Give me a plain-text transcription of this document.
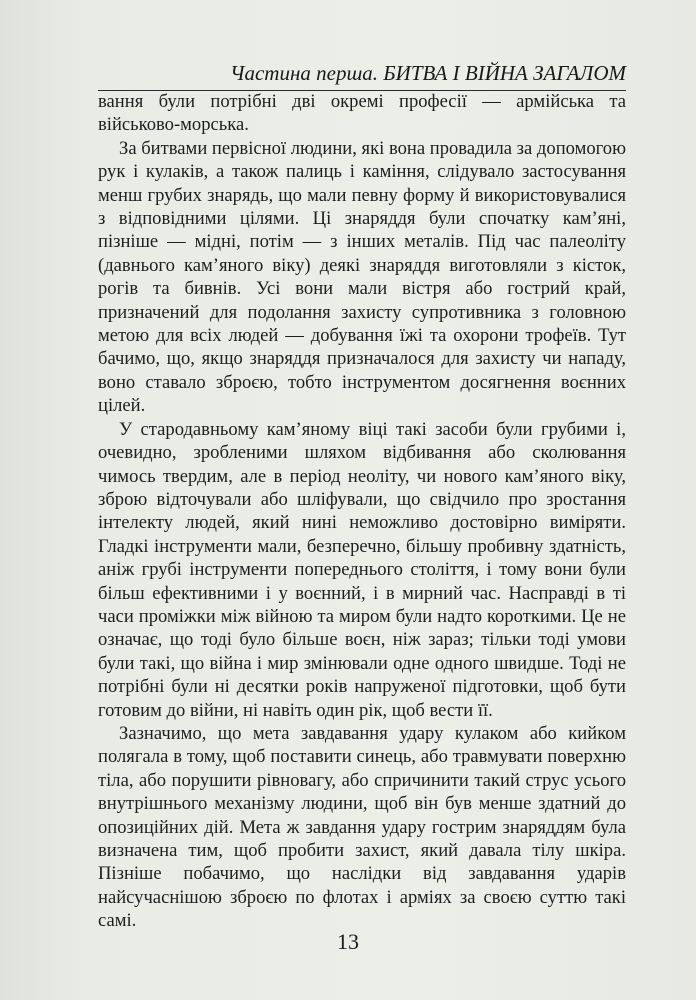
Частина перша. БИТВА І ВІЙНА ЗАГАЛОМ

вання були потрібні дві окремі професії — армійська та військово-морська.

За битвами первісної людини, які вона провадила за допомогою рук і кулаків, а також палиць і каміння, слідувало застосування менш грубих знарядь, що мали певну форму й використовувалися з відповідними цілями. Ці знаряддя були спочатку кам’яні, пізніше — мідні, потім — з інших металів. Під час палеоліту (давнього кам’яного віку) деякі знаряддя виготовляли з кісток, рогів та бивнів. Усі вони мали вістря або гострий край, призначений для подолання захисту супротивника з головною метою для всіх людей — добування їжі та охорони трофеїв. Тут бачимо, що, якщо знаряддя призначалося для захисту чи нападу, воно ставало зброєю, тобто інструментом досягнення воєнних цілей.

У стародавньому кам’яному віці такі засоби були грубими і, очевидно, зробленими шляхом відбивання або сколювання чимось твердим, але в період неоліту, чи нового кам’яного віку, зброю відточували або шліфували, що свідчило про зростання інтелекту людей, який нині неможливо достовірно виміряти. Гладкі інструменти мали, безперечно, більшу пробивну здатність, аніж грубі інструменти попереднього століття, і тому вони були більш ефективними і у воєнний, і в мирний час. Насправді в ті часи проміжки між війною та миром були надто короткими. Це не означає, що тоді було більше воєн, ніж зараз; тільки тоді умови були такі, що війна і мир змінювали одне одного швидше. Тоді не потрібні були ні десятки років напруженої підготовки, щоб бути готовим до війни, ні навіть один рік, щоб вести її.

Зазначимо, що мета завдавання удару кулаком або кийком полягала в тому, щоб поставити синець, або травмувати поверхню тіла, або порушити рівновагу, або спричинити такий струс усього внутрішнього механізму людини, щоб він був менше здатний до опозиційних дій. Мета ж завдання удару гострим знаряддям була визначена тим, щоб пробити захист, який давала тілу шкіра. Пізніше побачимо, що наслідки від завдавання ударів найсучаснішою зброєю по флотах і арміях за своєю суттю такі самі.

13
